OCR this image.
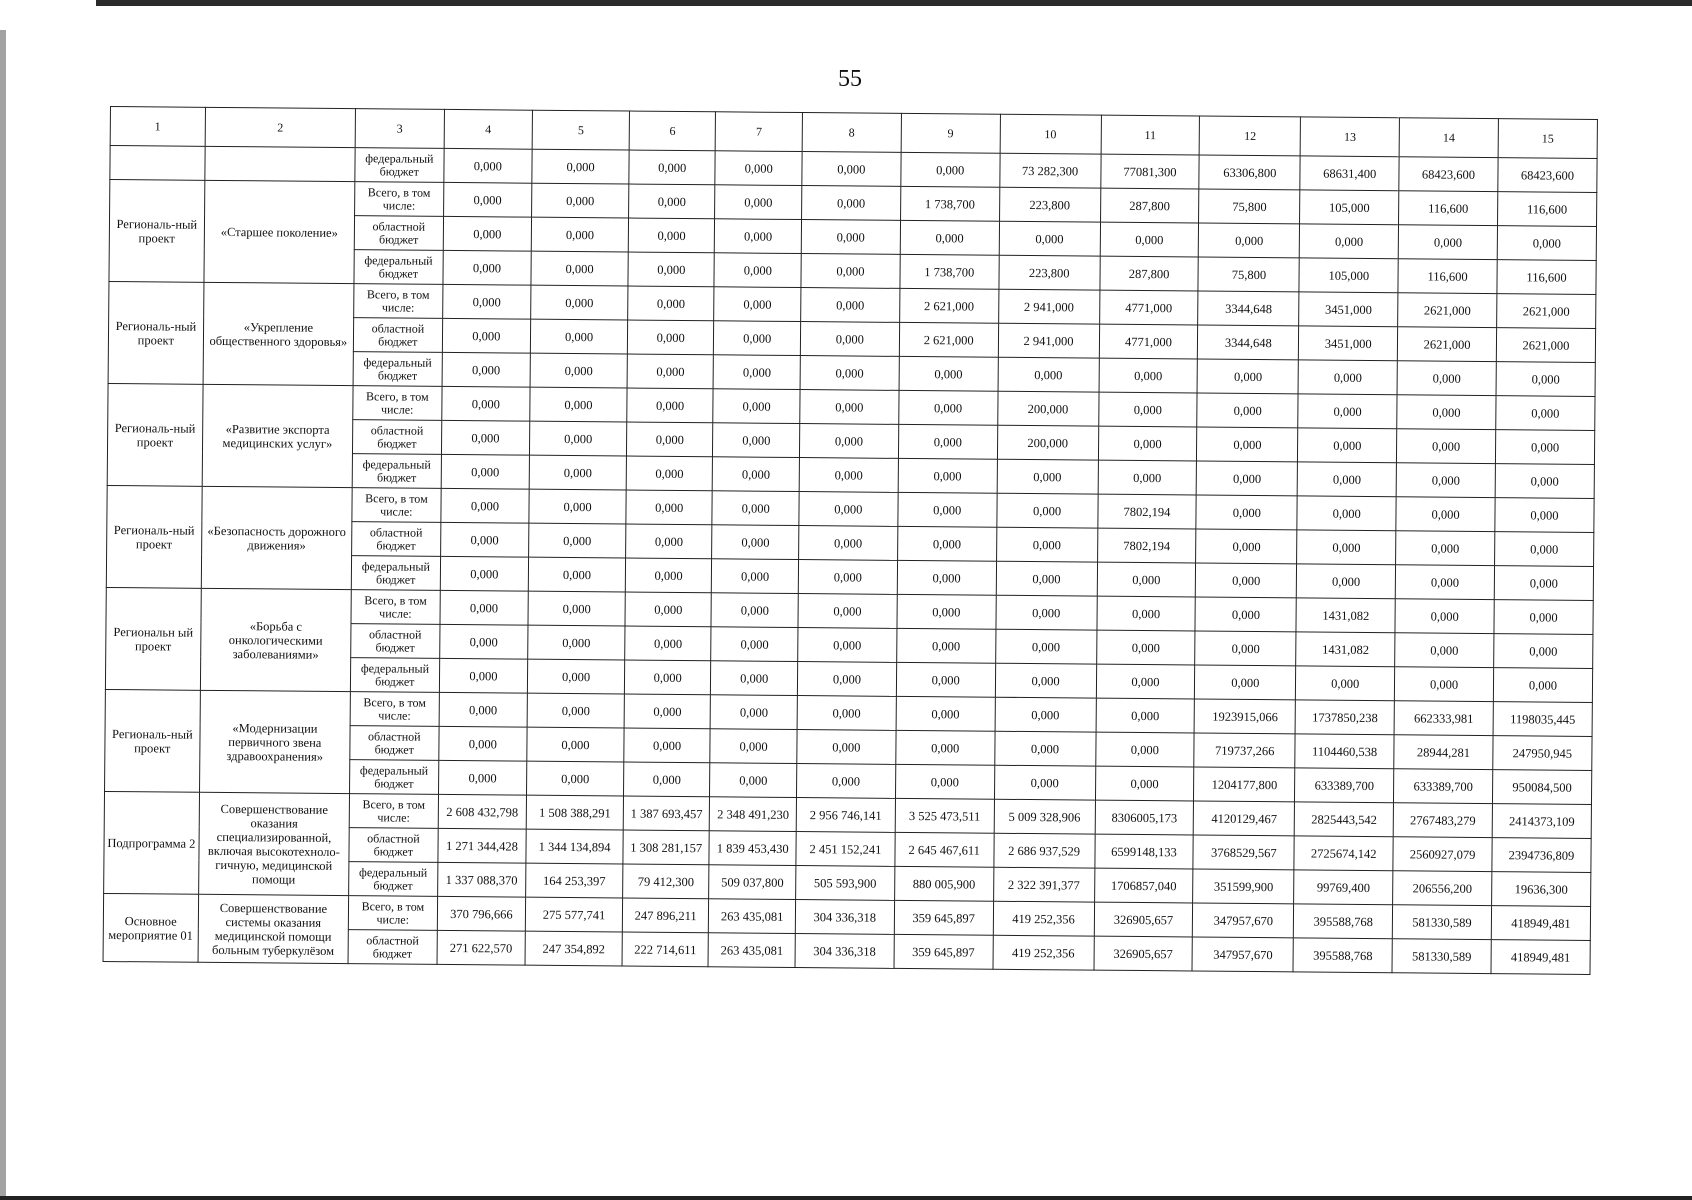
55
1	2	3	4	5	6	7	8	9	10	11	12	13	14	15
		федеральный бюджет	0,000	0,000	0,000	0,000	0,000	0,000	73 282,300	77081,300	63306,800	68631,400	68423,600	68423,600
Региональ-ный проект	«Старшее поколение»	Всего, в том числе:	0,000	0,000	0,000	0,000	0,000	1 738,700	223,800	287,800	75,800	105,000	116,600	116,600
		областной бюджет	0,000	0,000	0,000	0,000	0,000	0,000	0,000	0,000	0,000	0,000	0,000	0,000
		федеральный бюджет	0,000	0,000	0,000	0,000	0,000	1 738,700	223,800	287,800	75,800	105,000	116,600	116,600
Региональ-ный проект	«Укрепление общественного здоровья»	Всего, в том числе:	0,000	0,000	0,000	0,000	0,000	2 621,000	2 941,000	4771,000	3344,648	3451,000	2621,000	2621,000
		областной бюджет	0,000	0,000	0,000	0,000	0,000	2 621,000	2 941,000	4771,000	3344,648	3451,000	2621,000	2621,000
		федеральный бюджет	0,000	0,000	0,000	0,000	0,000	0,000	0,000	0,000	0,000	0,000	0,000	0,000
Региональ-ный проект	«Развитие экспорта медицинских услуг»	Всего, в том числе:	0,000	0,000	0,000	0,000	0,000	0,000	200,000	0,000	0,000	0,000	0,000	0,000
		областной бюджет	0,000	0,000	0,000	0,000	0,000	0,000	200,000	0,000	0,000	0,000	0,000	0,000
		федеральный бюджет	0,000	0,000	0,000	0,000	0,000	0,000	0,000	0,000	0,000	0,000	0,000	0,000
Региональ-ный проект	«Безопасность дорожного движения»	Всего, в том числе:	0,000	0,000	0,000	0,000	0,000	0,000	0,000	7802,194	0,000	0,000	0,000	0,000
		областной бюджет	0,000	0,000	0,000	0,000	0,000	0,000	0,000	7802,194	0,000	0,000	0,000	0,000
		федеральный бюджет	0,000	0,000	0,000	0,000	0,000	0,000	0,000	0,000	0,000	0,000	0,000	0,000
Региональн ый проект	«Борьба с онкологическими заболеваниями»	Всего, в том числе:	0,000	0,000	0,000	0,000	0,000	0,000	0,000	0,000	0,000	1431,082	0,000	0,000
		областной бюджет	0,000	0,000	0,000	0,000	0,000	0,000	0,000	0,000	0,000	1431,082	0,000	0,000
		федеральный бюджет	0,000	0,000	0,000	0,000	0,000	0,000	0,000	0,000	0,000	0,000	0,000	0,000
Региональ-ный проект	«Модернизации первичного звена здравоохранения»	Всего, в том числе:	0,000	0,000	0,000	0,000	0,000	0,000	0,000	0,000	1923915,066	1737850,238	662333,981	1198035,445
		областной бюджет	0,000	0,000	0,000	0,000	0,000	0,000	0,000	0,000	719737,266	1104460,538	28944,281	247950,945
		федеральный бюджет	0,000	0,000	0,000	0,000	0,000	0,000	0,000	0,000	1204177,800	633389,700	633389,700	950084,500
Подпрограмма 2	Совершенствование оказания специализированной, включая высокотехноло-гичную, медицинской помощи	Всего, в том числе:	2 608 432,798	1 508 388,291	1 387 693,457	2 348 491,230	2 956 746,141	3 525 473,511	5 009 328,906	8306005,173	4120129,467	2825443,542	2767483,279	2414373,109
		областной бюджет	1 271 344,428	1 344 134,894	1 308 281,157	1 839 453,430	2 451 152,241	2 645 467,611	2 686 937,529	6599148,133	3768529,567	2725674,142	2560927,079	2394736,809
		федеральный бюджет	1 337 088,370	164 253,397	79 412,300	509 037,800	505 593,900	880 005,900	2 322 391,377	1706857,040	351599,900	99769,400	206556,200	19636,300
Основное мероприятие 01	Совершенствование системы оказания медицинской помощи больным туберкулёзом	Всего, в том числе:	370 796,666	275 577,741	247 896,211	263 435,081	304 336,318	359 645,897	419 252,356	326905,657	347957,670	395588,768	581330,589	418949,481
		областной бюджет	271 622,570	247 354,892	222 714,611	263 435,081	304 336,318	359 645,897	419 252,356	326905,657	347957,670	395588,768	581330,589	418949,481
